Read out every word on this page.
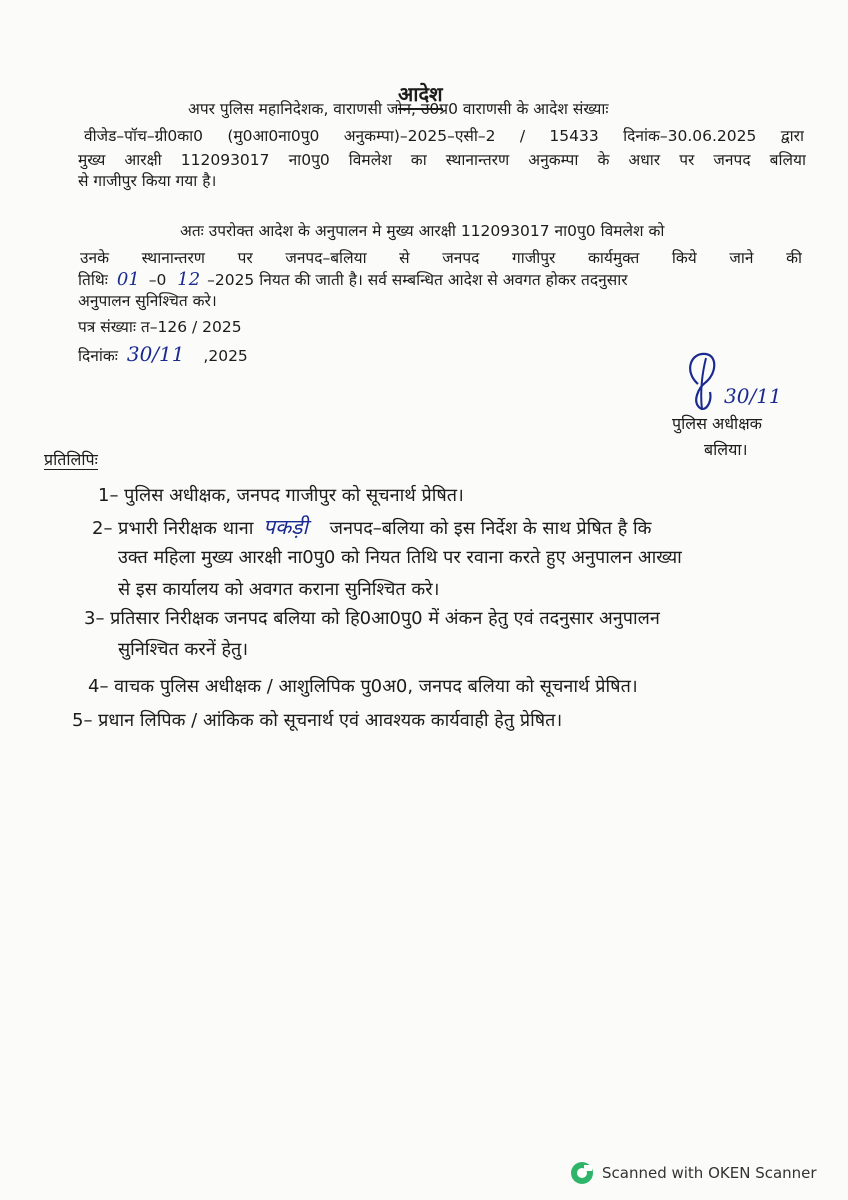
आदेश
अपर पुलिस महानिदेशक, वाराणसी जोन, उ0प्र0 वाराणसी के आदेश संख्याः
वीजेड–पॉच–ग्री0का0 (मु0आ0ना0पु0 अनुकम्पा)–2025–एसी–2 / 15433 दिनांक–30.06.2025 द्वारा
मुख्य आरक्षी 112093017 ना0पु0 विमलेश का स्थानान्तरण अनुकम्पा के अधार पर जनपद बलिया
से गाजीपुर किया गया है।
अतः उपरोक्त आदेश के अनुपालन मे मुख्य आरक्षी 112093017 ना0पु0 विमलेश को
उनके स्थानान्तरण पर जनपद–बलिया से जनपद गाजीपुर कार्यमुक्त किये जाने की
तिथिः 01 –0 12 –2025 नियत की जाती है। सर्व सम्बन्धित आदेश से अवगत होकर तदनुसार
अनुपालन सुनिश्चित करे।
पत्र संख्याः त–126 / 2025
दिनांकः 30/11 ,2025
30/11
पुलिस अधीक्षक
बलिया।
प्रतिलिपिः
1– पुलिस अधीक्षक, जनपद गाजीपुर को सूचनार्थ प्रेषित।
2– प्रभारी निरीक्षक थाना पकड़ी जनपद–बलिया को इस निर्देश के साथ प्रेषित है कि
उक्त महिला मुख्य आरक्षी ना0पु0 को नियत तिथि पर रवाना करते हुए अनुपालन आख्या
से इस कार्यालय को अवगत कराना सुनिश्चित करे।
3– प्रतिसार निरीक्षक जनपद बलिया को हि0आ0पु0 में अंकन हेतु एवं तदनुसार अनुपालन
सुनिश्चित करनें हेतु।
4– वाचक पुलिस अधीक्षक / आशुलिपिक पु0अ0, जनपद बलिया को सूचनार्थ प्रेषित।
5– प्रधान लिपिक / आंकिक को सूचनार्थ एवं आवश्यक कार्यवाही हेतु प्रेषित।
Scanned with OKEN Scanner
